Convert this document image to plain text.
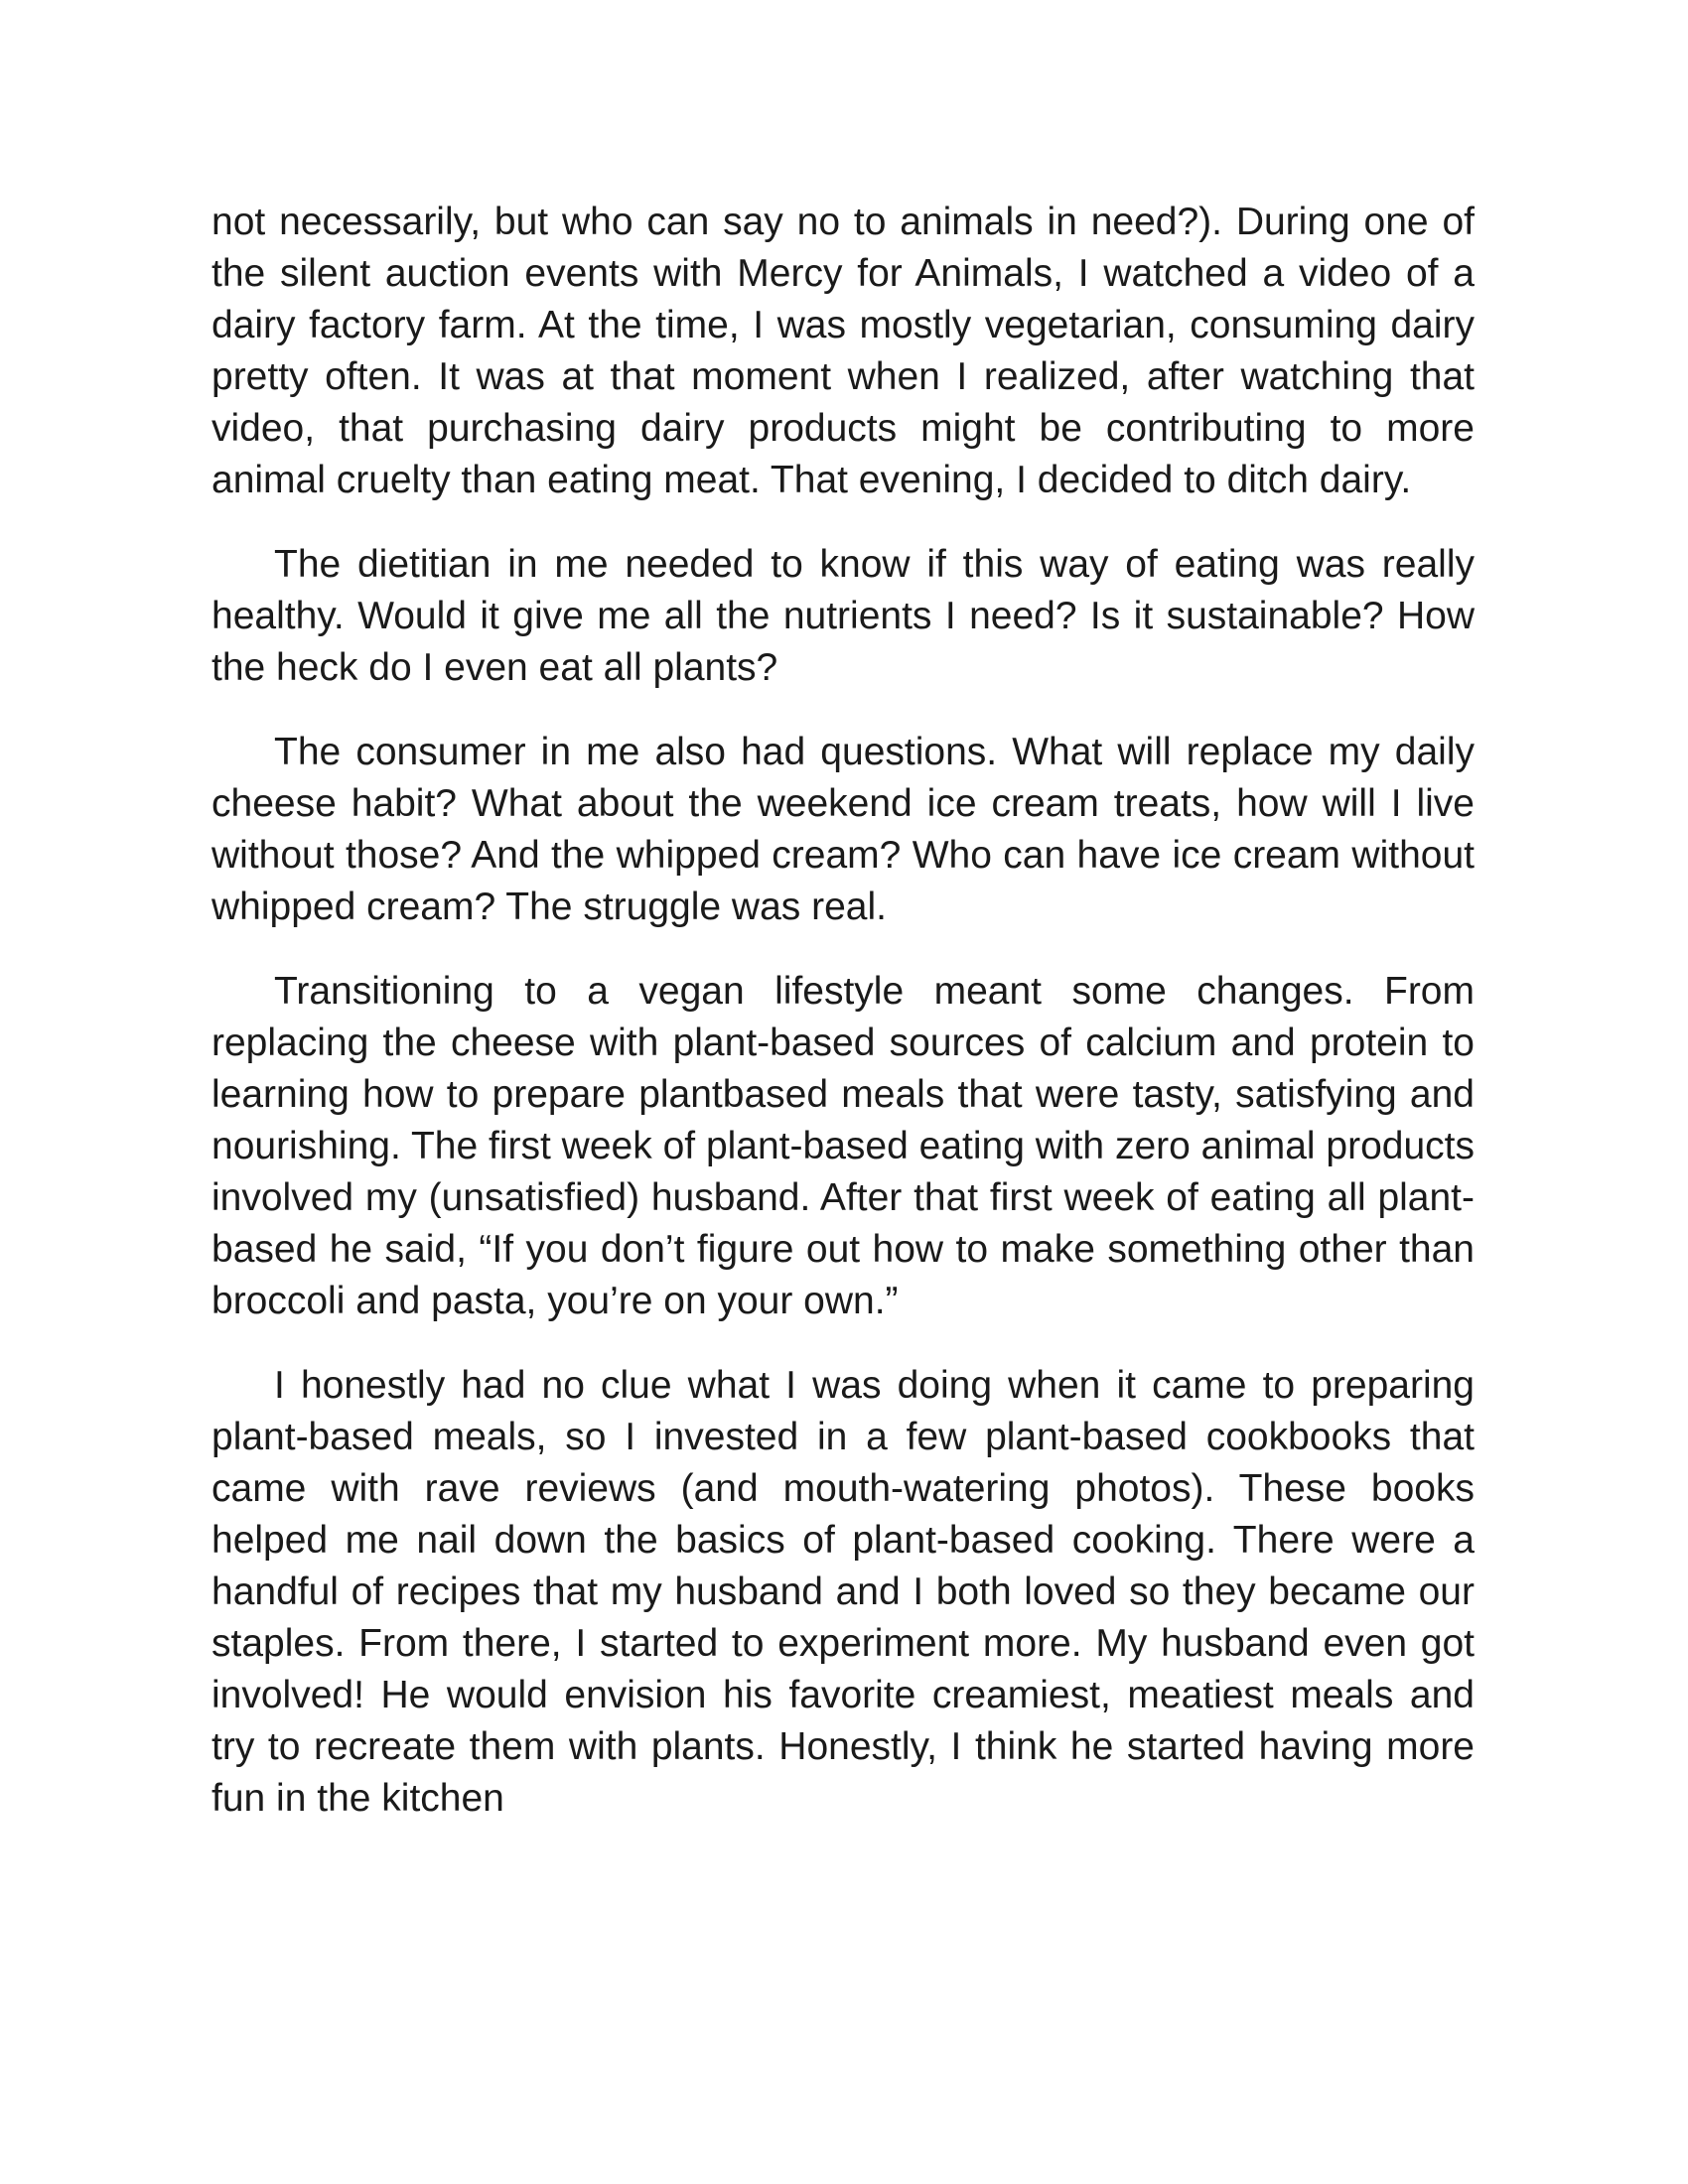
not necessarily, but who can say no to animals in need?). During one of the silent auction events with Mercy for Animals, I watched a video of a dairy factory farm. At the time, I was mostly vegetarian, consuming dairy pretty often. It was at that moment when I realized, after watching that video, that purchasing dairy products might be contributing to more animal cruelty than eating meat. That evening, I decided to ditch dairy.

The dietitian in me needed to know if this way of eating was really healthy. Would it give me all the nutrients I need? Is it sustainable? How the heck do I even eat all plants?

The consumer in me also had questions. What will replace my daily cheese habit? What about the weekend ice cream treats, how will I live without those? And the whipped cream? Who can have ice cream without whipped cream? The struggle was real.

Transitioning to a vegan lifestyle meant some changes. From replacing the cheese with plant-based sources of calcium and protein to learning how to prepare plantbased meals that were tasty, satisfying and nourishing. The first week of plant-based eating with zero animal products involved my (unsatisfied) husband. After that first week of eating all plant-based he said, “If you don’t figure out how to make something other than broccoli and pasta, you’re on your own.”

I honestly had no clue what I was doing when it came to preparing plant-based meals, so I invested in a few plant-based cookbooks that came with rave reviews (and mouth-watering photos). These books helped me nail down the basics of plant-based cooking. There were a handful of recipes that my husband and I both loved so they became our staples. From there, I started to experiment more. My husband even got involved! He would envision his favorite creamiest, meatiest meals and try to recreate them with plants. Honestly, I think he started having more fun in the kitchen
